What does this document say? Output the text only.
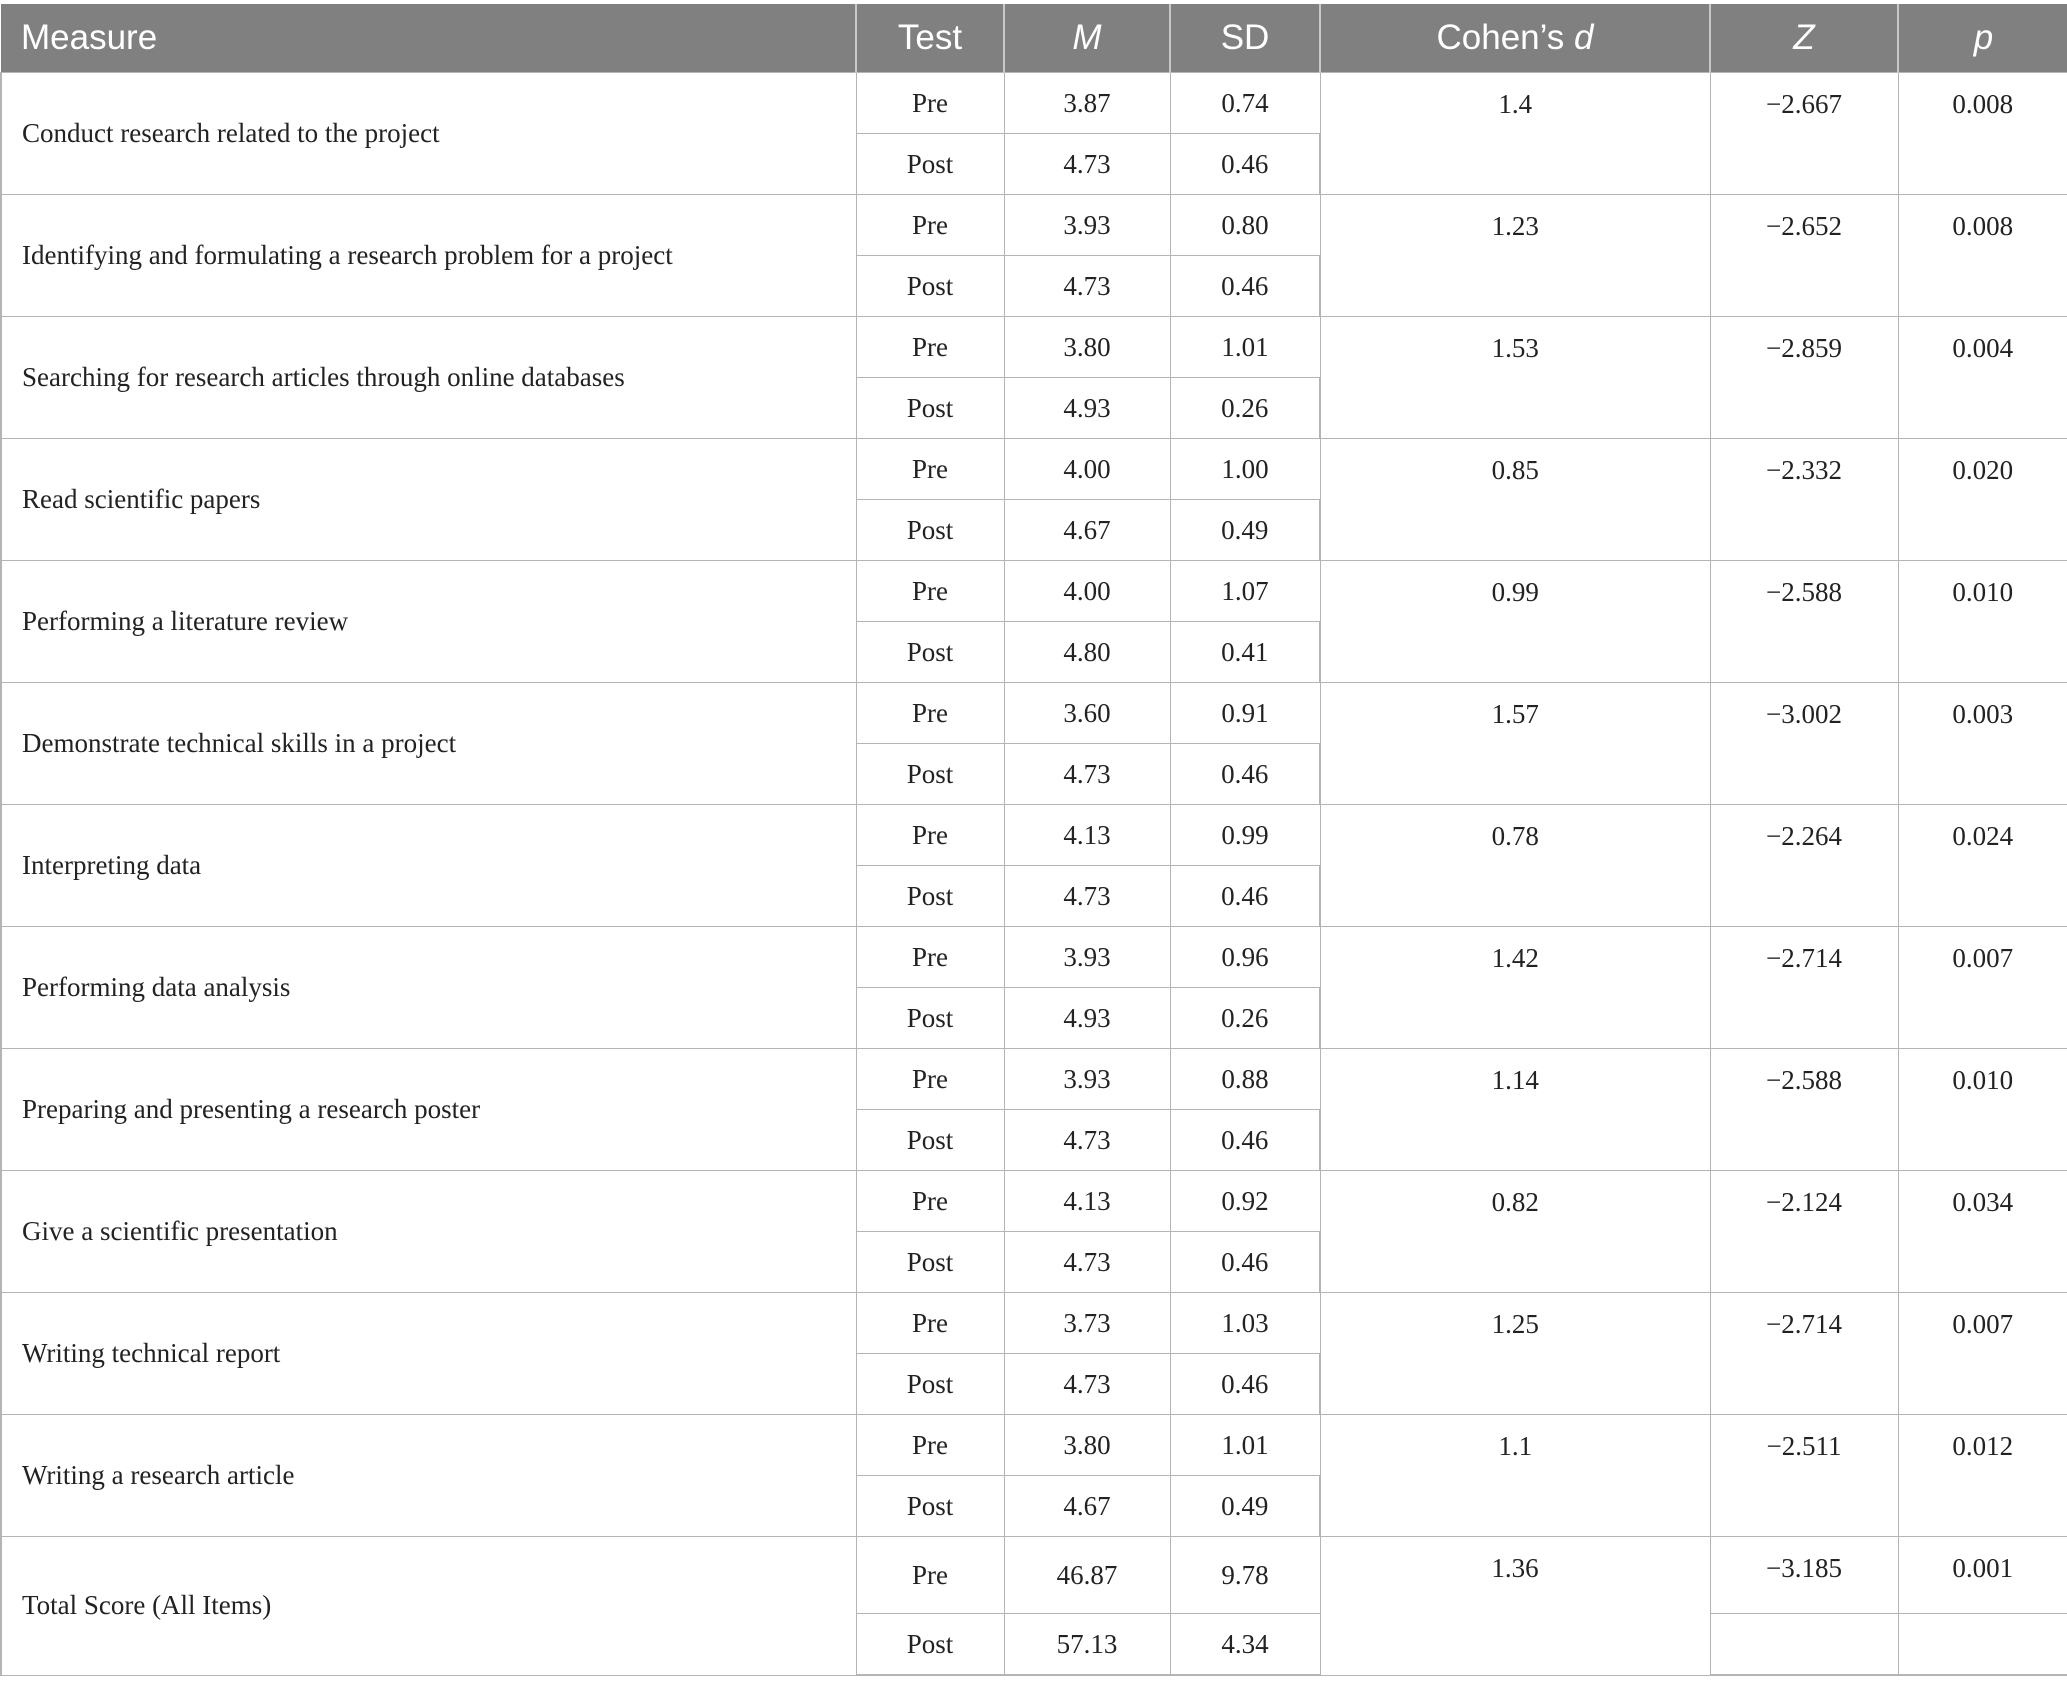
Measure	Test	M	SD	Cohen’s d	Z	p
Conduct research related to the project	Pre	3.87	0.74	1.4	−2.667	0.008
	Post	4.73	0.46			
Identifying and formulating a research problem for a project	Pre	3.93	0.80	1.23	−2.652	0.008
	Post	4.73	0.46			
Searching for research articles through online databases	Pre	3.80	1.01	1.53	−2.859	0.004
	Post	4.93	0.26			
Read scientific papers	Pre	4.00	1.00	0.85	−2.332	0.020
	Post	4.67	0.49			
Performing a literature review	Pre	4.00	1.07	0.99	−2.588	0.010
	Post	4.80	0.41			
Demonstrate technical skills in a project	Pre	3.60	0.91	1.57	−3.002	0.003
	Post	4.73	0.46			
Interpreting data	Pre	4.13	0.99	0.78	−2.264	0.024
	Post	4.73	0.46			
Performing data analysis	Pre	3.93	0.96	1.42	−2.714	0.007
	Post	4.93	0.26			
Preparing and presenting a research poster	Pre	3.93	0.88	1.14	−2.588	0.010
	Post	4.73	0.46			
Give a scientific presentation	Pre	4.13	0.92	0.82	−2.124	0.034
	Post	4.73	0.46			
Writing technical report	Pre	3.73	1.03	1.25	−2.714	0.007
	Post	4.73	0.46			
Writing a research article	Pre	3.80	1.01	1.1	−2.511	0.012
	Post	4.67	0.49			
Total Score (All Items)	Pre	46.87	9.78	1.36	−3.185	0.001
	Post	57.13	4.34			
